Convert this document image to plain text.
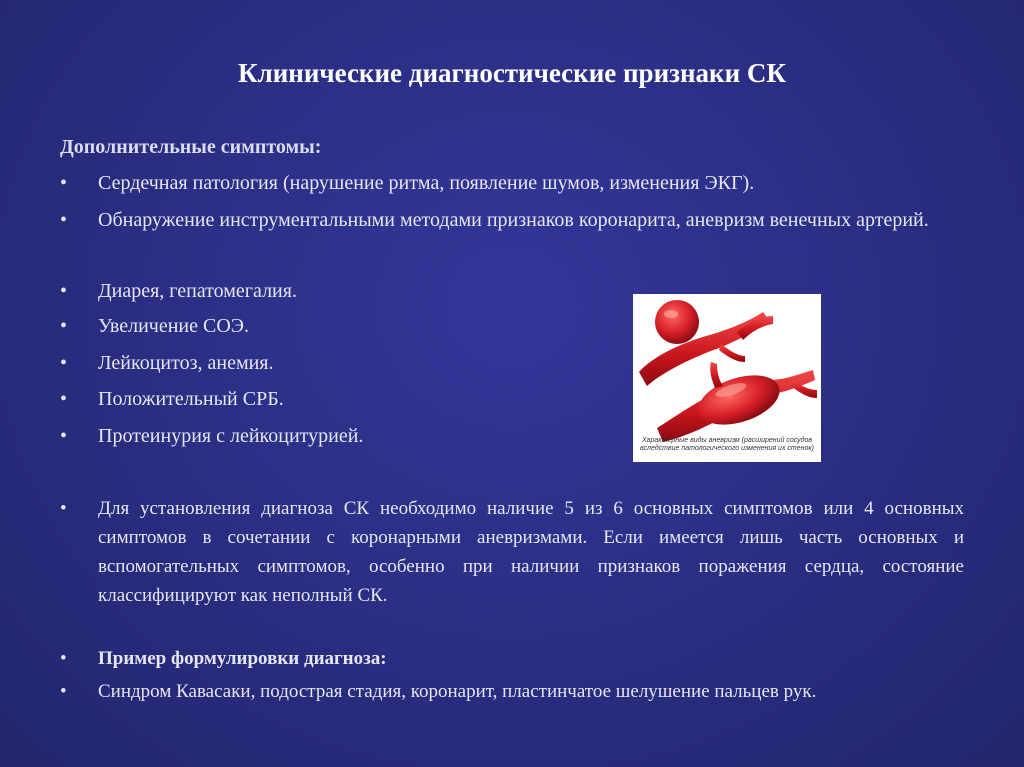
Клинические диагностические признаки СК
Дополнительные симптомы:
• Сердечная патология (нарушение ритма, появление шумов, изменения ЭКГ).
• Обнаружение инструментальными методами признаков коронарита, аневризм венечных артерий.
• Диарея, гепатомегалия.
• Увеличение СОЭ.
• Лейкоцитоз, анемия.
• Положительный СРБ.
• Протеинурия с лейкоцитурией.	Характерные виды аневризм (расширений сосудов вследствие патологического изменения их стенок)
• Для установления диагноза СК необходимо наличие 5 из 6 основных симптомов или 4 основных симптомов в сочетании с коронарными аневризмами. Если имеется лишь часть основных и вспомогательных симптомов, особенно при наличии признаков поражения сердца, состояние классифицируют как неполный СК.
• Пример формулировки диагноза:
• Синдром Кавасаки, подострая стадия, коронарит, пластинчатое шелушение пальцев рук.
